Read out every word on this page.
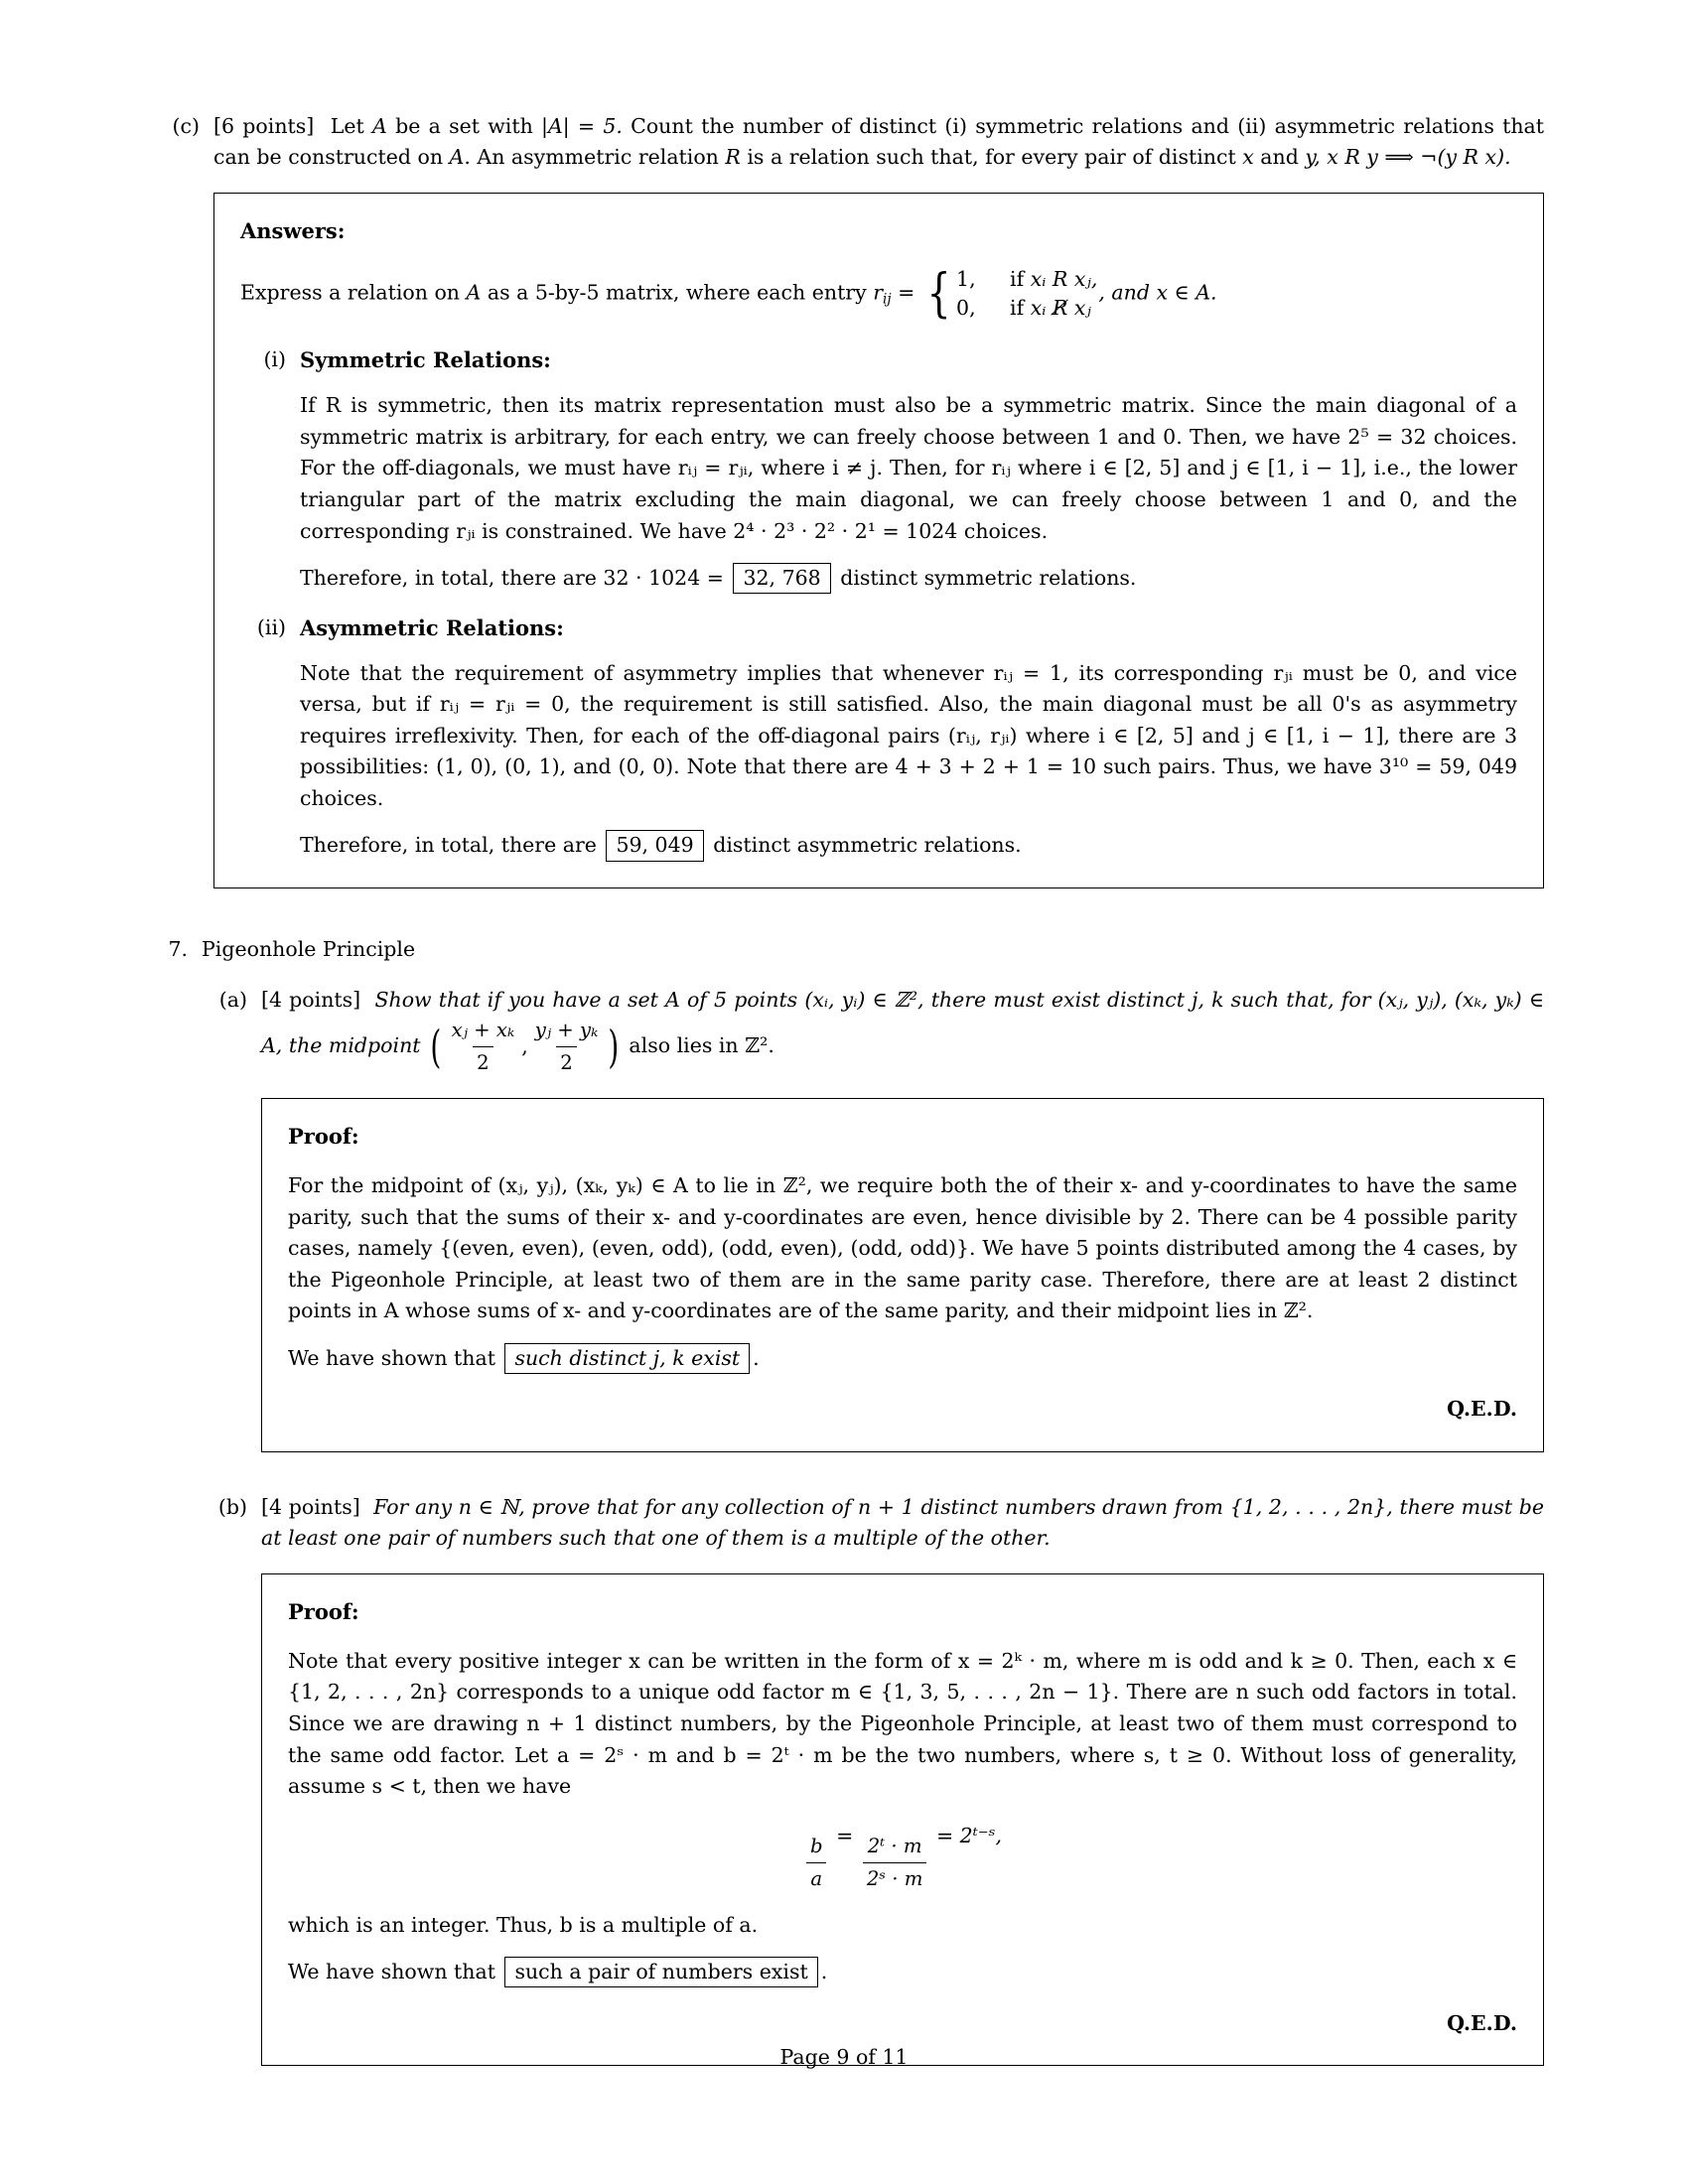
(c) [6 points] Let A be a set with |A| = 5. Count the number of distinct (i) symmetric relations and (ii) asymmetric relations that can be constructed on A. An asymmetric relation R is a relation such that, for every pair of distinct x and y, x R y ⟹ ¬(y R x).
Answers:

Express a relation on A as a 5-by-5 matrix, where each entry $r_{ij}$ = { 1,	if xᵢ R xⱼ,
0,	if xᵢ R̸ xⱼ
, and x ∈ A.

(i) Symmetric Relations:

If R is symmetric, then its matrix representation must also be a symmetric matrix. Since the main diagonal of a symmetric matrix is arbitrary, for each entry, we can freely choose between 1 and 0. Then, we have 2⁵ = 32 choices. For the off-diagonals, we must have rᵢⱼ = rⱼᵢ, where i ≠ j. Then, for rᵢⱼ where i ∈ [2, 5] and j ∈ [1, i − 1], i.e., the lower triangular part of the matrix excluding the main diagonal, we can freely choose between 1 and 0, and the corresponding rⱼᵢ is constrained. We have 2⁴ · 2³ · 2² · 2¹ = 1024 choices.

Therefore, in total, there are 32 · 1024 = 32, 768 distinct symmetric relations.

(ii) Asymmetric Relations:

Note that the requirement of asymmetry implies that whenever rᵢⱼ = 1, its corresponding rⱼᵢ must be 0, and vice versa, but if rᵢⱼ = rⱼᵢ = 0, the requirement is still satisfied. Also, the main diagonal must be all 0's as asymmetry requires irreflexivity. Then, for each of the off-diagonal pairs (rᵢⱼ, rⱼᵢ) where i ∈ [2, 5] and j ∈ [1, i − 1], there are 3 possibilities: (1, 0), (0, 1), and (0, 0). Note that there are 4 + 3 + 2 + 1 = 10 such pairs. Thus, we have 3¹⁰ = 59, 049 choices.

Therefore, in total, there are 59, 049 distinct asymmetric relations.

7. Pigeonhole Principle
(a) [4 points] Show that if you have a set A of 5 points (xᵢ, yᵢ) ∈ ℤ², there must exist distinct j, k such that, for (xⱼ, yⱼ), (xₖ, yₖ) ∈ A, the midpoint ( $\frac{\text{xⱼ + xₖ}}{2}$ , $\frac{\text{yⱼ + yₖ}}{2}$ ) also lies in ℤ².
Proof:

For the midpoint of (xⱼ, yⱼ), (xₖ, yₖ) ∈ A to lie in ℤ², we require both the of their x- and y-coordinates to have the same parity, such that the sums of their x- and y-coordinates are even, hence divisible by 2. There can be 4 possible parity cases, namely {(even, even), (even, odd), (odd, even), (odd, odd)}. We have 5 points distributed among the 4 cases, by the Pigeonhole Principle, at least two of them are in the same parity case. Therefore, there are at least 2 distinct points in A whose sums of x- and y-coordinates are of the same parity, and their midpoint lies in ℤ².

We have shown that such distinct j, k exist .

Q.E.D.
(b) [4 points] For any n ∈ ℕ, prove that for any collection of n + 1 distinct numbers drawn from {1, 2, . . . , 2n}, there must be at least one pair of numbers such that one of them is a multiple of the other.
Proof:

Note that every positive integer x can be written in the form of x = 2ᵏ · m, where m is odd and k ≥ 0. Then, each x ∈ {1, 2, . . . , 2n} corresponds to a unique odd factor m ∈ {1, 3, 5, . . . , 2n − 1}. There are n such odd factors in total. Since we are drawing n + 1 distinct numbers, by the Pigeonhole Principle, at least two of them must correspond to the same odd factor. Let a = 2ˢ · m and b = 2ᵗ · m be the two numbers, where s, t ≥ 0. Without loss of generality, assume s < t, then we have

$\frac{b}{a} = \frac{\text{2ᵗ · m}}{\text{2ˢ · m}}$ = 2ᵗ⁻ˢ,

which is an integer. Thus, b is a multiple of a.

We have shown that such a pair of numbers exist .

Q.E.D.
Page 9 of 11
